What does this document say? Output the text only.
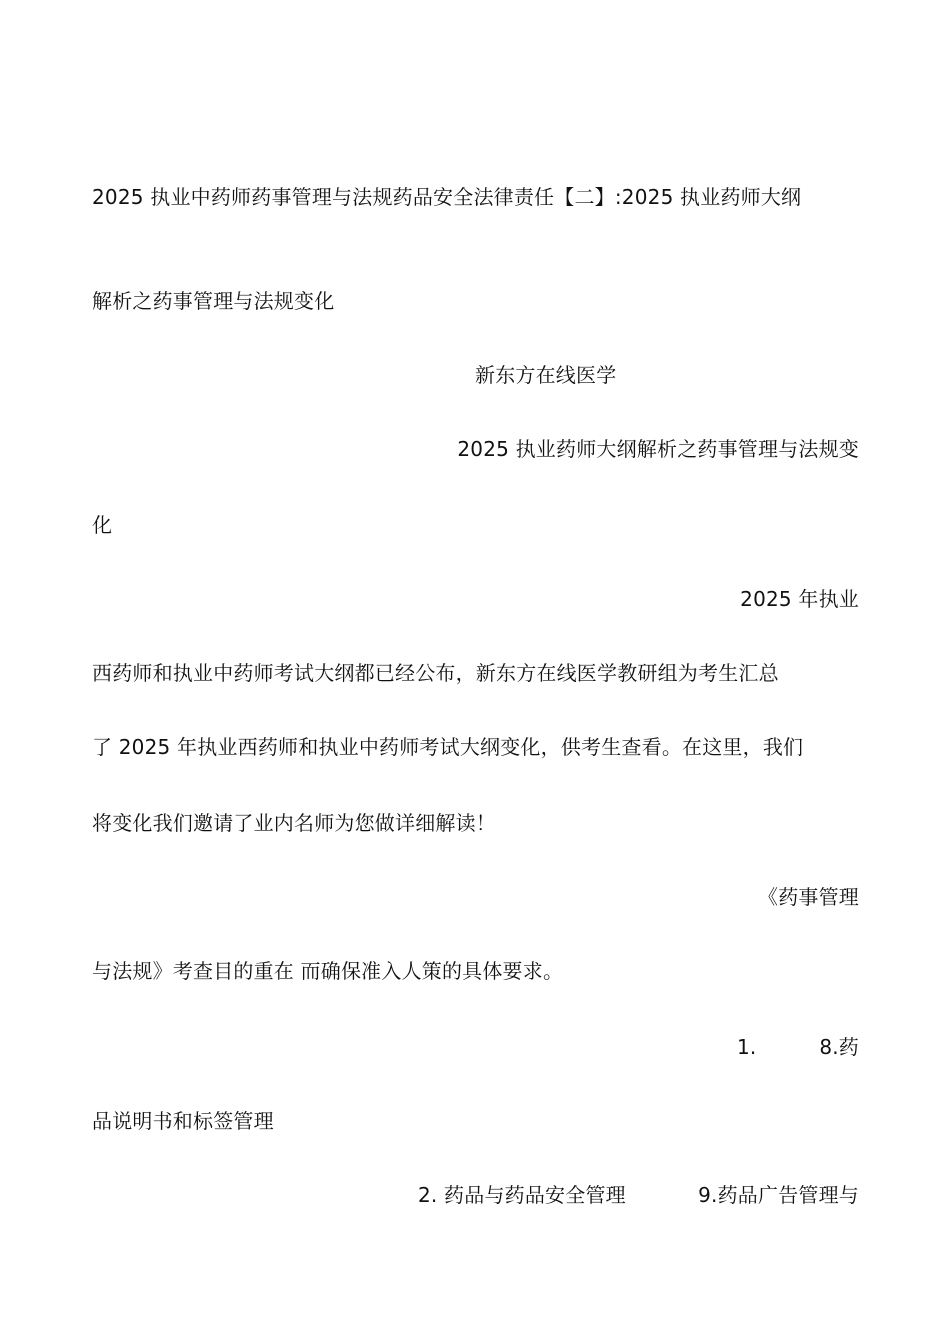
2025 执业中药师药事管理与法规药品安全法律责任【二】:2025 执业药师大纲
解析之药事管理与法规变化
新东方在线医学
2025 执业药师大纲解析之药事管理与法规变
化
2025 年执业
西药师和执业中药师考试大纲都已经公布，新东方在线医学教研组为考生汇总
了 2025 年执业西药师和执业中药师考试大纲变化，供考生查看。在这里，我们
将变化我们邀请了业内名师为您做详细解读！
《药事管理
与法规》考查目的重在 而确保准入人策的具体要求。
1.	8.药
品说明书和标签管理
2. 药品与药品安全管理	9.药品广告管理与
